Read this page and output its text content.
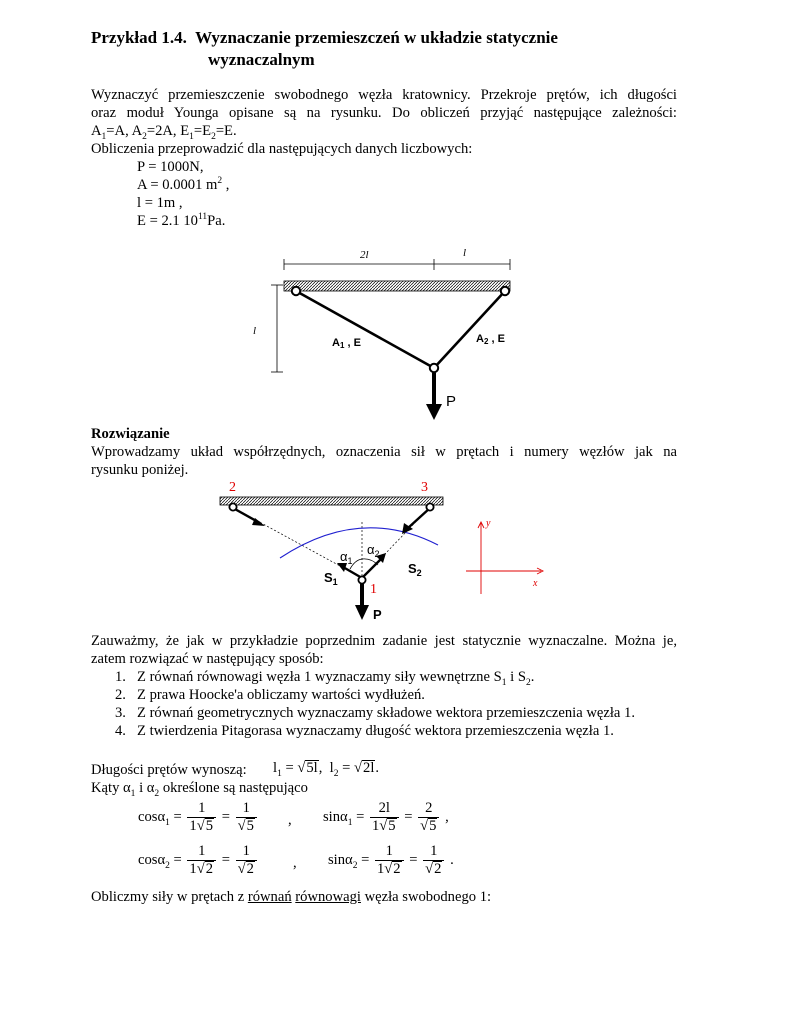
Przykład 1.4. Wyznaczanie przemieszczeń w układzie statycznie
wyznaczalnym
Wyznaczyć przemieszczenie swobodnego węzła kratownicy. Przekroje prętów, ich długości
oraz moduł Younga opisane są na rysunku. Do obliczeń przyjąć następujące zależności:
$A_1=A$, $A_2=2A$, $E_1=E_2=E$.
Obliczenia przeprowadzić dla następujących danych liczbowych:
P = 1000N,
A = 0.0001 $m^2$ ,
l = 1m ,
E = 2.1 $10^{11}Pa$.
2l	l
l
A1 , E	A2 , E
P
Rozwiązanie
Wprowadzamy układ współrzędnych, oznaczenia sił w prętach i numery węzłów jak na
rysunku poniżej.
2	3
P
$\alpha_1$
$\alpha_2$
$S_1$
$S_2$
1
y
x
Zauważmy, że jak w przykładzie poprzednim zadanie jest statycznie wyznaczalne. Można je,
zatem rozwiązać w następujący sposób:
1. Z równań równowagi węzła 1 wyznaczamy siły wewnętrzne $S_1$ i $S_2$.
2. Z prawa Hoocke'a obliczamy wartości wydłużeń.
3. Z równań geometrycznych wyznaczamy składowe wektora przemieszczenia węzła 1.
4. Z twierdzenia Pitagorasa wyznaczamy długość wektora przemieszczenia węzła 1.
Długości prętów wynoszą: $l_1 = √5l$, $l_2 = √2l$.
Kąty $\alpha_1$ i $\alpha_2$ określone są następująco
$\cos\alpha_1 = \frac{1}{1√5} = \frac{1}{√5}$ , $\sin\alpha_1 = \frac{2l}{1√5} = \frac{2}{√5}$ ,
$\cos\alpha_2 = \frac{1}{1√2} = \frac{1}{√2}$ , $\sin\alpha_2 = \frac{1}{1√2} = \frac{1}{√2}$ .
Obliczmy siły w prętach z równań równowagi węzła swobodnego 1:
